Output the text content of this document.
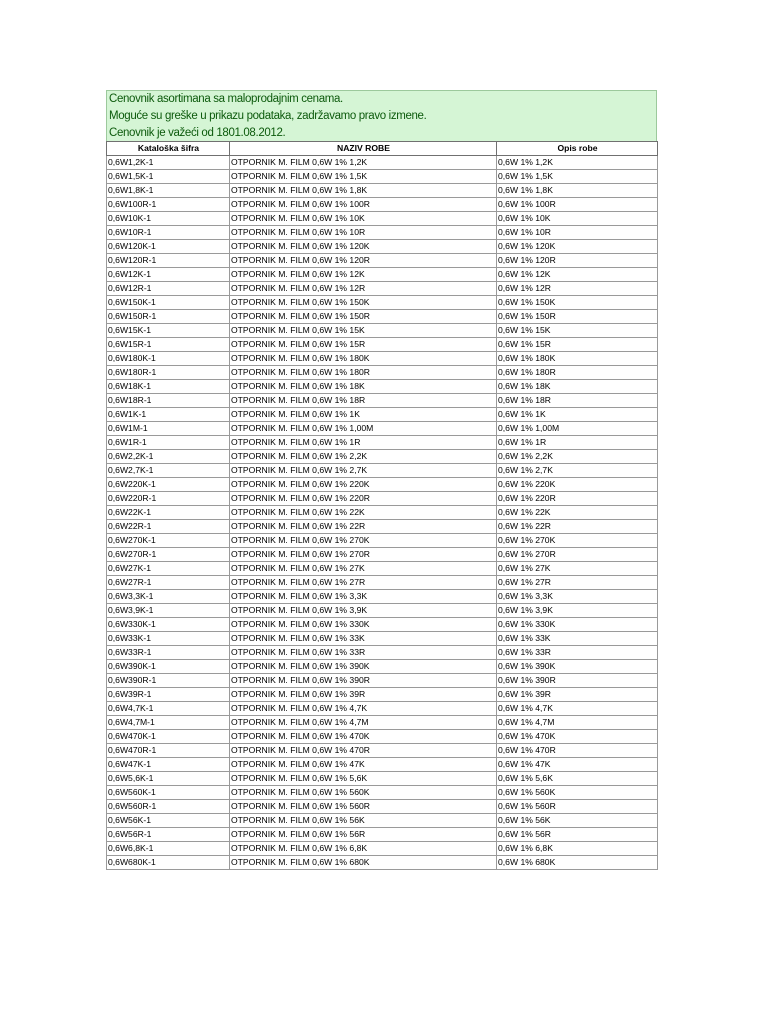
Cenovnik asortimana sa maloprodajnim cenama.
Moguće su greške u prikazu podataka, zadržavamo pravo izmene.
Cenovnik je važeći od 1801.08.2012.
Kataloška šifra	NAZIV ROBE	Opis robe
0,6W1,2K-1	OTPORNIK M. FILM 0,6W 1% 1,2K	0,6W 1% 1,2K
0,6W1,5K-1	OTPORNIK M. FILM 0,6W 1% 1,5K	0,6W 1% 1,5K
0,6W1,8K-1	OTPORNIK M. FILM 0,6W 1% 1,8K	0,6W 1% 1,8K
0,6W100R-1	OTPORNIK M. FILM 0,6W 1% 100R	0,6W 1% 100R
0,6W10K-1	OTPORNIK M. FILM 0,6W 1% 10K	0,6W 1% 10K
0,6W10R-1	OTPORNIK M. FILM 0,6W 1% 10R	0,6W 1% 10R
0,6W120K-1	OTPORNIK M. FILM 0,6W 1% 120K	0,6W 1% 120K
0,6W120R-1	OTPORNIK M. FILM 0,6W 1% 120R	0,6W 1% 120R
0,6W12K-1	OTPORNIK M. FILM 0,6W 1% 12K	0,6W 1% 12K
0,6W12R-1	OTPORNIK M. FILM 0,6W 1% 12R	0,6W 1% 12R
0,6W150K-1	OTPORNIK M. FILM 0,6W 1% 150K	0,6W 1% 150K
0,6W150R-1	OTPORNIK M. FILM 0,6W 1% 150R	0,6W 1% 150R
0,6W15K-1	OTPORNIK M. FILM 0,6W 1% 15K	0,6W 1% 15K
0,6W15R-1	OTPORNIK M. FILM 0,6W 1% 15R	0,6W 1% 15R
0,6W180K-1	OTPORNIK M. FILM 0,6W 1% 180K	0,6W 1% 180K
0,6W180R-1	OTPORNIK M. FILM 0,6W 1% 180R	0,6W 1% 180R
0,6W18K-1	OTPORNIK M. FILM 0,6W 1% 18K	0,6W 1% 18K
0,6W18R-1	OTPORNIK M. FILM 0,6W 1% 18R	0,6W 1% 18R
0,6W1K-1	OTPORNIK M. FILM 0,6W 1% 1K	0,6W 1% 1K
0,6W1M-1	OTPORNIK M. FILM 0,6W 1% 1,00M	0,6W 1% 1,00M
0,6W1R-1	OTPORNIK M. FILM 0,6W 1% 1R	0,6W 1% 1R
0,6W2,2K-1	OTPORNIK M. FILM 0,6W 1% 2,2K	0,6W 1% 2,2K
0,6W2,7K-1	OTPORNIK M. FILM 0,6W 1% 2,7K	0,6W 1% 2,7K
0,6W220K-1	OTPORNIK M. FILM 0,6W 1% 220K	0,6W 1% 220K
0,6W220R-1	OTPORNIK M. FILM 0,6W 1% 220R	0,6W 1% 220R
0,6W22K-1	OTPORNIK M. FILM 0,6W 1% 22K	0,6W 1% 22K
0,6W22R-1	OTPORNIK M. FILM 0,6W 1% 22R	0,6W 1% 22R
0,6W270K-1	OTPORNIK M. FILM 0,6W 1% 270K	0,6W 1% 270K
0,6W270R-1	OTPORNIK M. FILM 0,6W 1% 270R	0,6W 1% 270R
0,6W27K-1	OTPORNIK M. FILM 0,6W 1% 27K	0,6W 1% 27K
0,6W27R-1	OTPORNIK M. FILM 0,6W 1% 27R	0,6W 1% 27R
0,6W3,3K-1	OTPORNIK M. FILM 0,6W 1% 3,3K	0,6W 1% 3,3K
0,6W3,9K-1	OTPORNIK M. FILM 0,6W 1% 3,9K	0,6W 1% 3,9K
0,6W330K-1	OTPORNIK M. FILM 0,6W 1% 330K	0,6W 1% 330K
0,6W33K-1	OTPORNIK M. FILM 0,6W 1% 33K	0,6W 1% 33K
0,6W33R-1	OTPORNIK M. FILM 0,6W 1% 33R	0,6W 1% 33R
0,6W390K-1	OTPORNIK M. FILM 0,6W 1% 390K	0,6W 1% 390K
0,6W390R-1	OTPORNIK M. FILM 0,6W 1% 390R	0,6W 1% 390R
0,6W39R-1	OTPORNIK M. FILM 0,6W 1% 39R	0,6W 1% 39R
0,6W4,7K-1	OTPORNIK M. FILM 0,6W 1% 4,7K	0,6W 1% 4,7K
0,6W4,7M-1	OTPORNIK M. FILM 0,6W 1% 4,7M	0,6W 1% 4,7M
0,6W470K-1	OTPORNIK M. FILM 0,6W 1% 470K	0,6W 1% 470K
0,6W470R-1	OTPORNIK M. FILM 0,6W 1% 470R	0,6W 1% 470R
0,6W47K-1	OTPORNIK M. FILM 0,6W 1% 47K	0,6W 1% 47K
0,6W5,6K-1	OTPORNIK M. FILM 0,6W 1% 5,6K	0,6W 1% 5,6K
0,6W560K-1	OTPORNIK M. FILM 0,6W 1% 560K	0,6W 1% 560K
0,6W560R-1	OTPORNIK M. FILM 0,6W 1% 560R	0,6W 1% 560R
0,6W56K-1	OTPORNIK M. FILM 0,6W 1% 56K	0,6W 1% 56K
0,6W56R-1	OTPORNIK M. FILM 0,6W 1% 56R	0,6W 1% 56R
0,6W6,8K-1	OTPORNIK M. FILM 0,6W 1% 6,8K	0,6W 1% 6,8K
0,6W680K-1	OTPORNIK M. FILM 0,6W 1% 680K	0,6W 1% 680K
